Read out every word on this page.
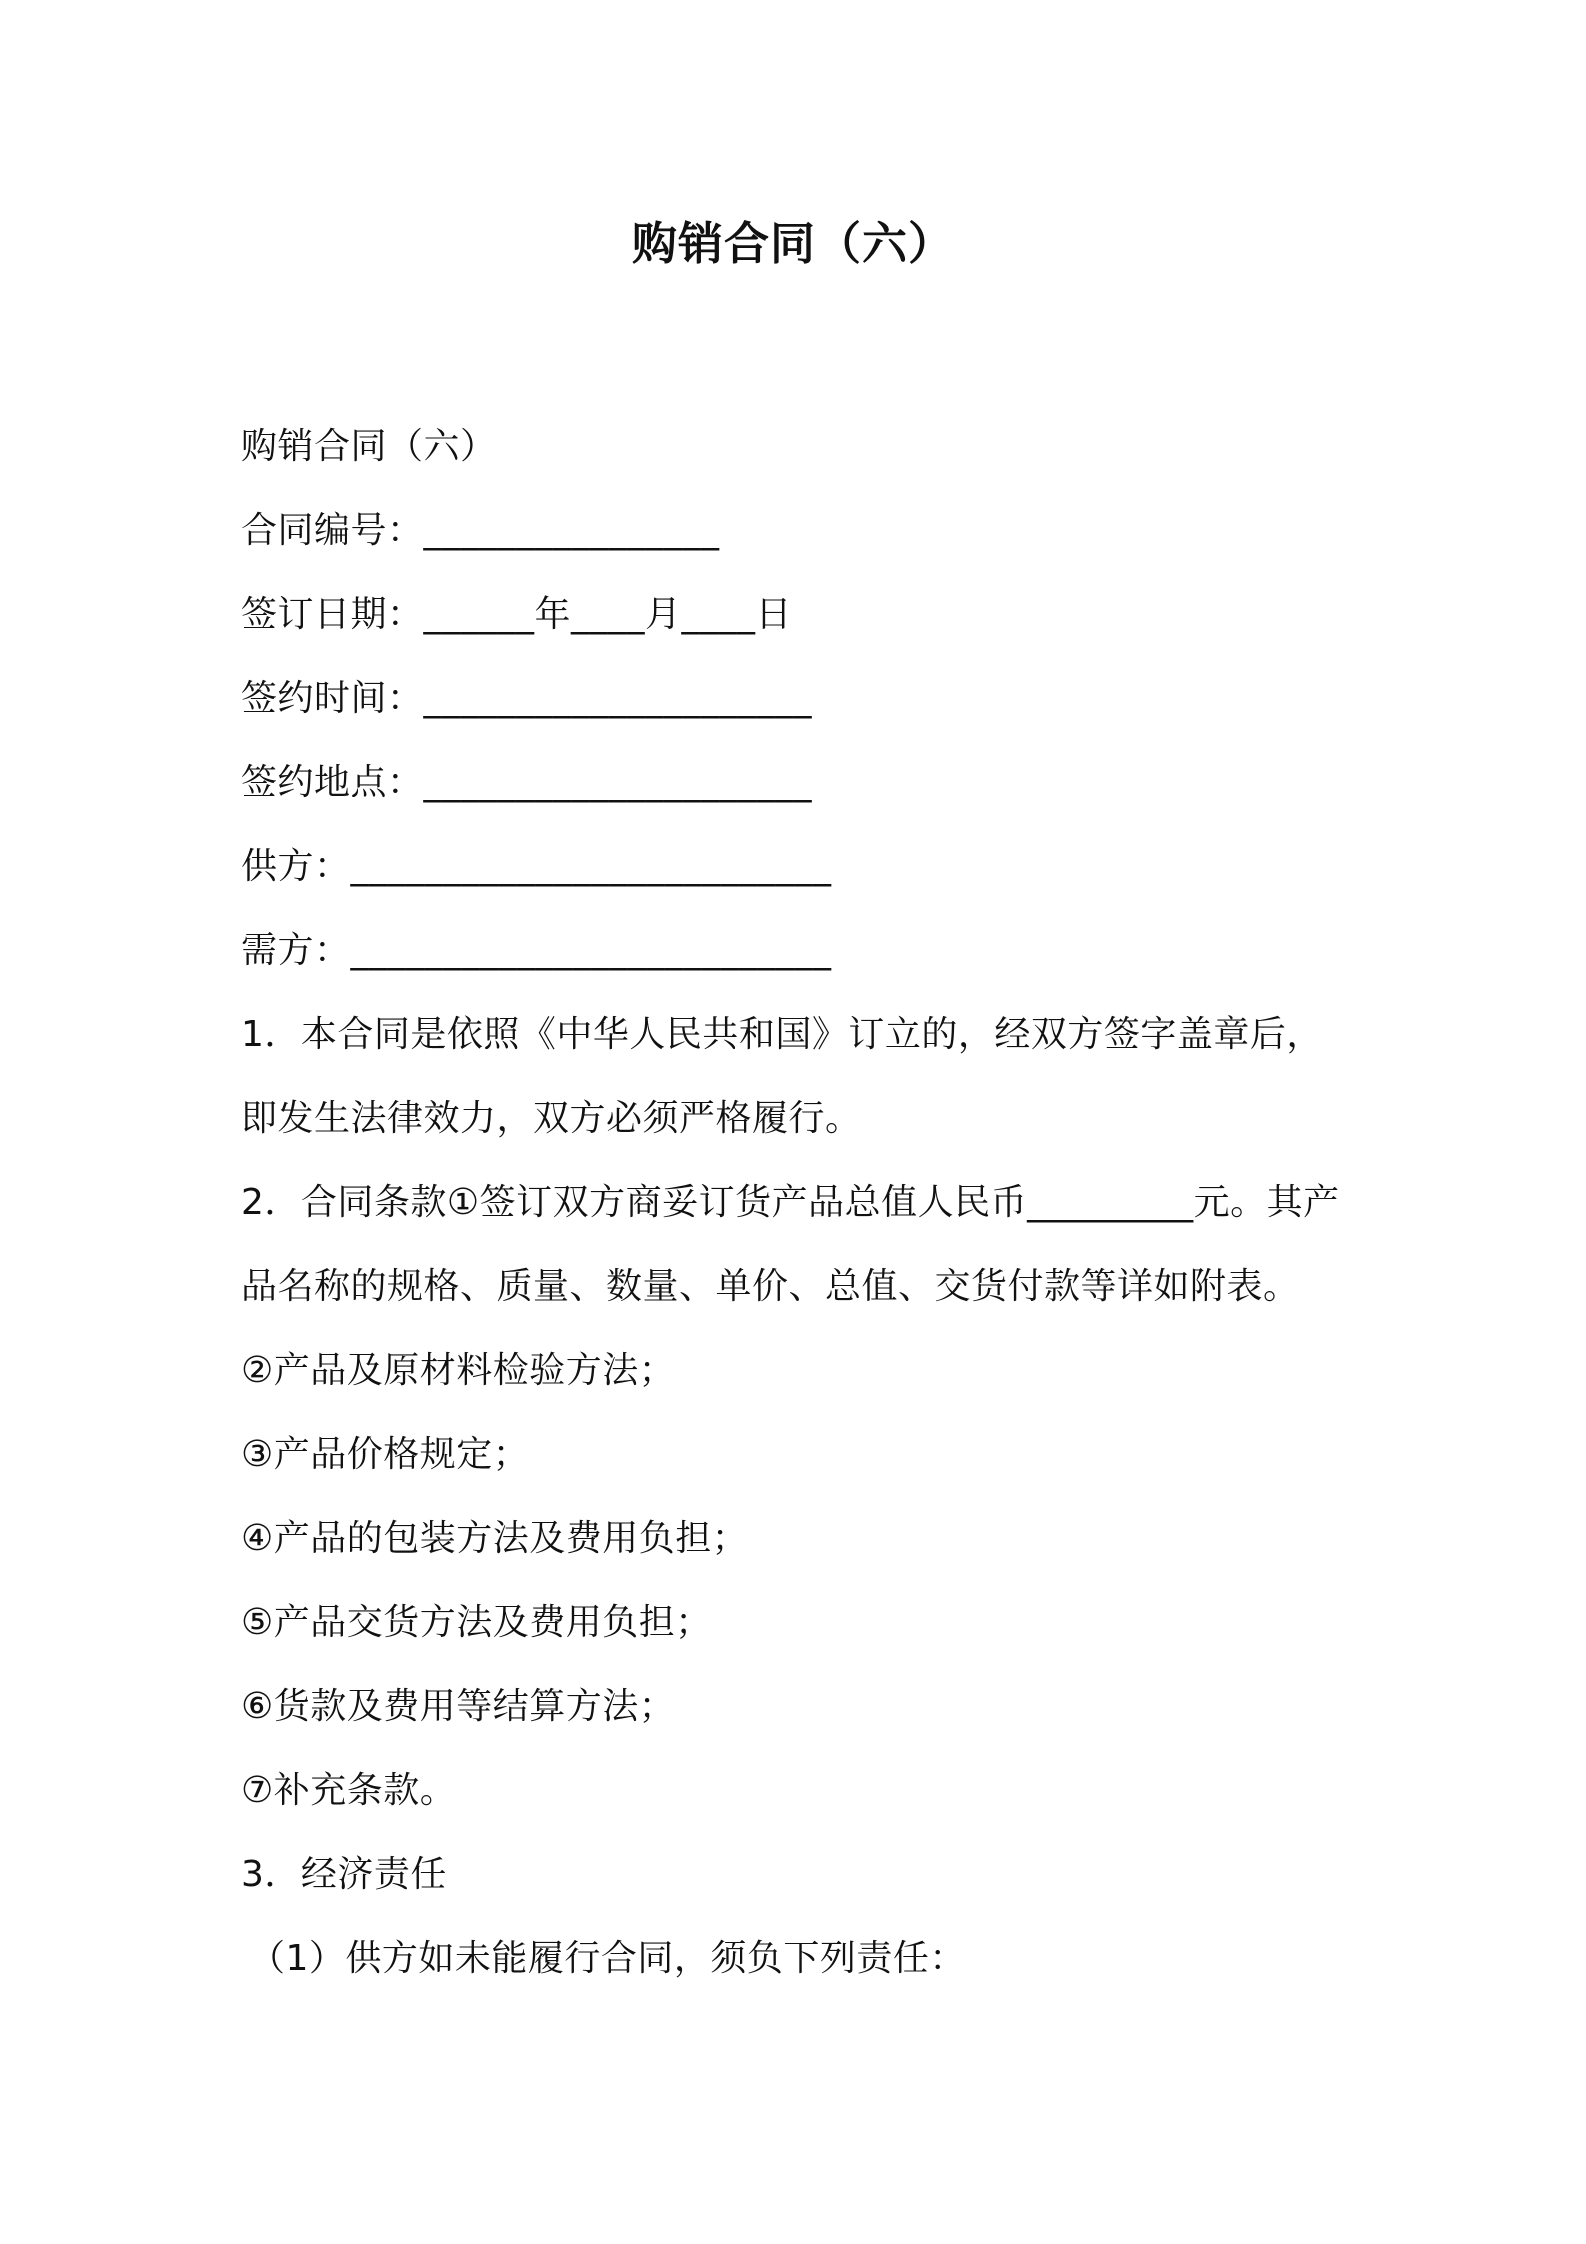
购销合同（六）
购销合同（六）
合同编号：________________
签订日期：______年____月____日
签约时间：_____________________
签约地点：_____________________
供方：__________________________
需方：__________________________
1．本合同是依照《中华人民共和国》订立的，经双方签字盖章后，
即发生法律效力，双方必须严格履行。
2．合同条款①签订双方商妥订货产品总值人民币_________元。其产
品名称的规格、质量、数量、单价、总值、交货付款等详如附表。
②产品及原材料检验方法；
③产品价格规定；
④产品的包装方法及费用负担；
⑤产品交货方法及费用负担；
⑥货款及费用等结算方法；
⑦补充条款。
3．经济责任
（1）供方如未能履行合同，须负下列责任：
